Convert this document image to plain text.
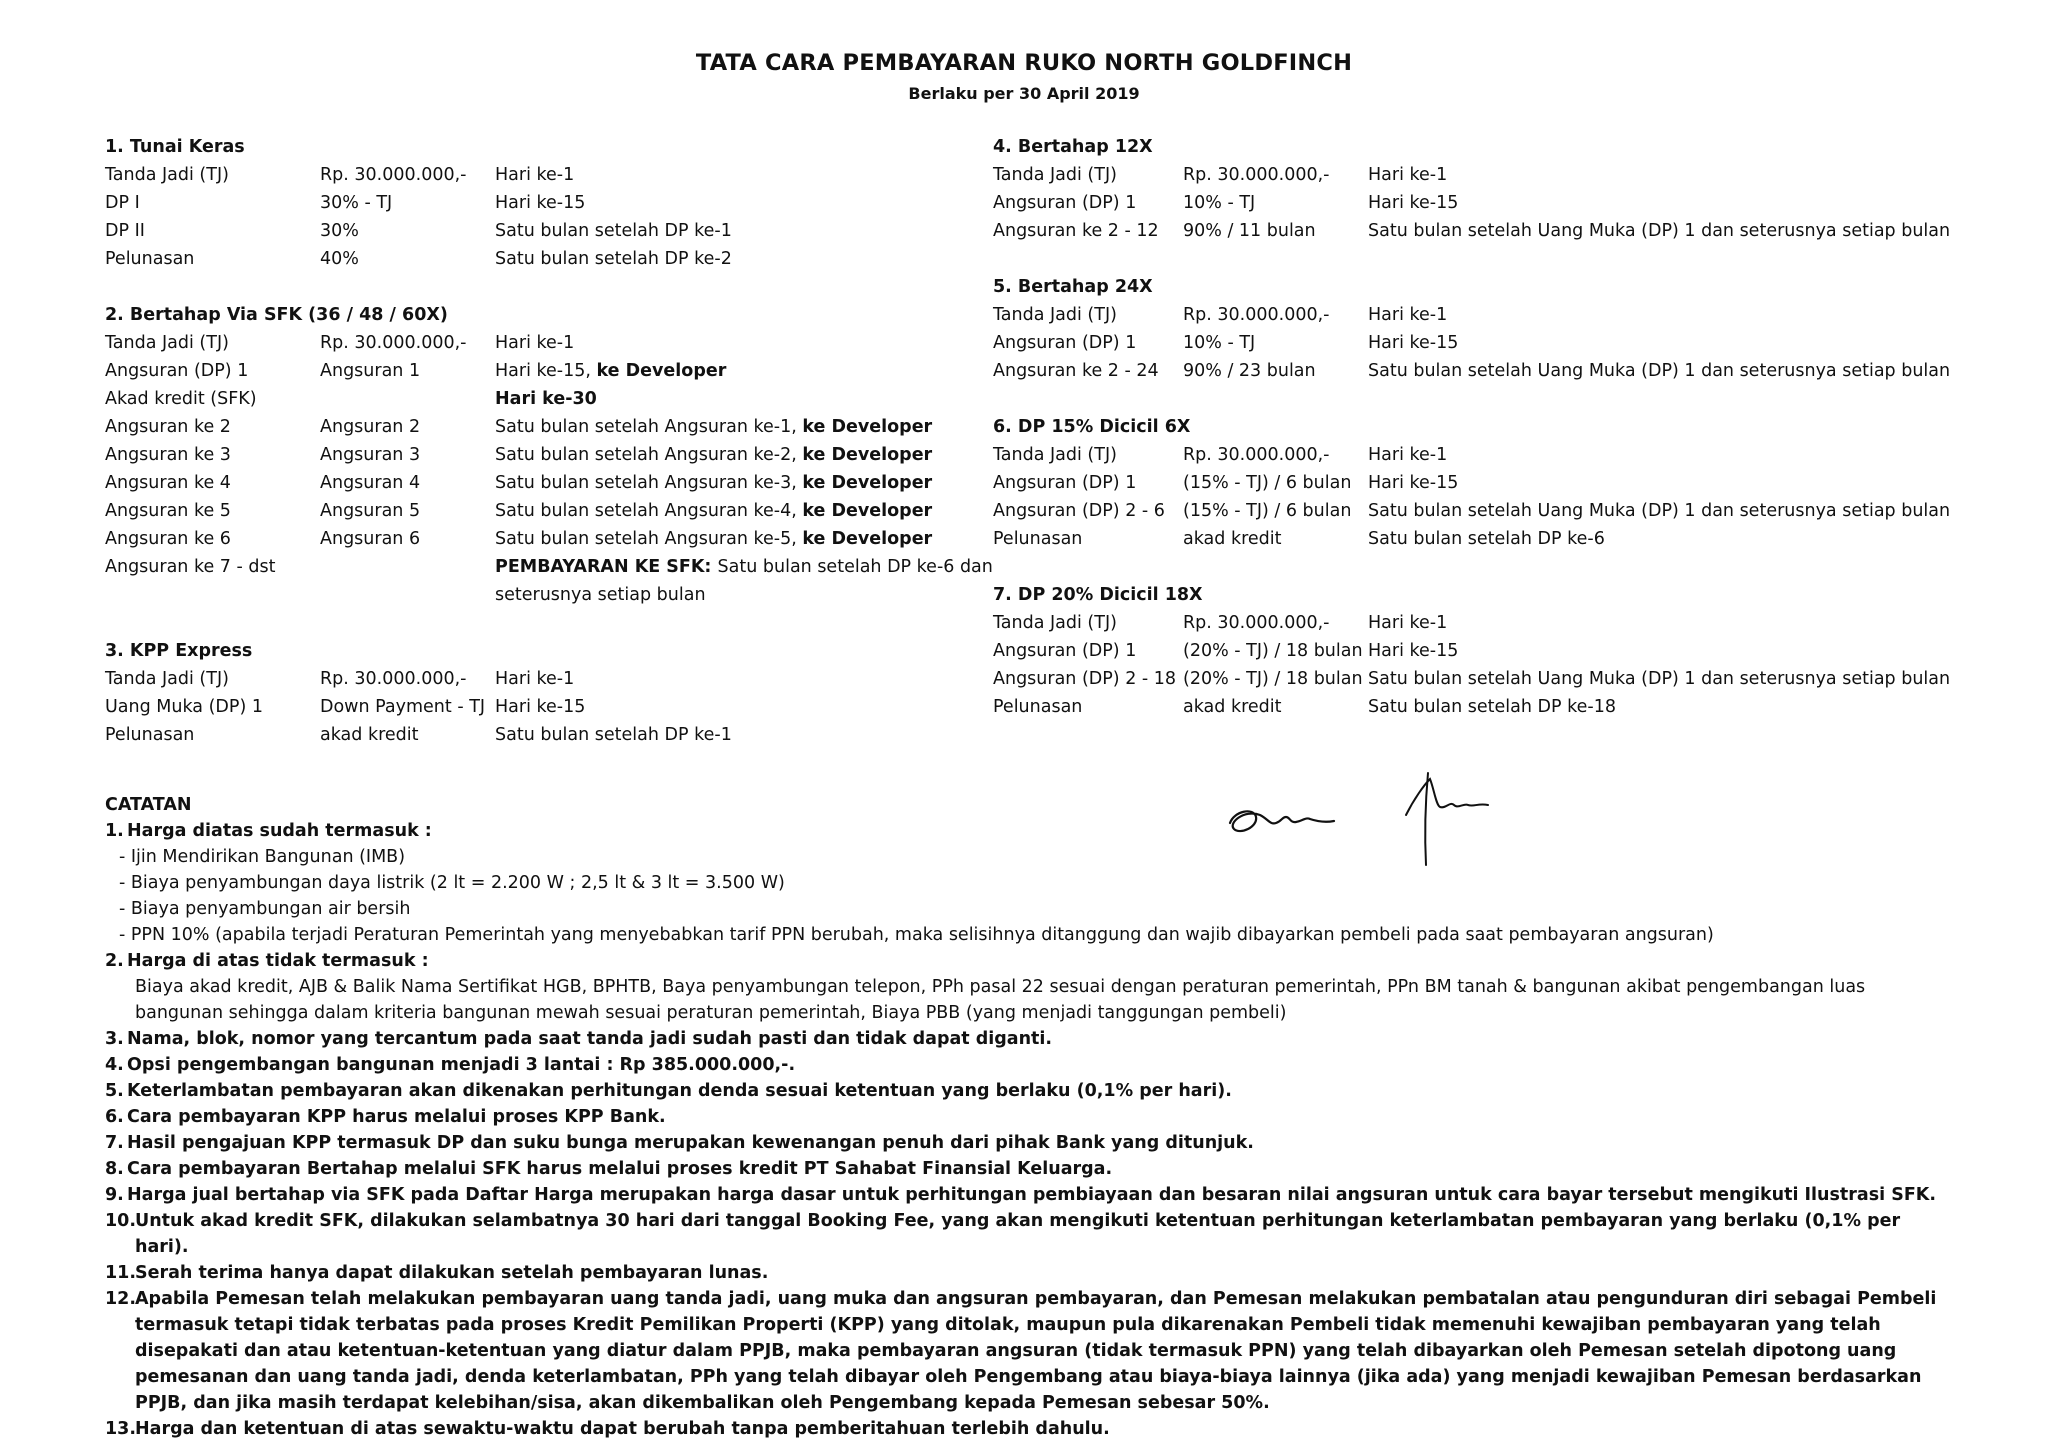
TATA CARA PEMBAYARAN RUKO NORTH GOLDFINCH
Berlaku per 30 April 2019
1. Tunai Keras
Tanda Jadi (TJ)	Rp. 30.000.000,-	Hari ke-1
DP I	30% - TJ	Hari ke-15
DP II	30%	Satu bulan setelah DP ke-1
Pelunasan	40%	Satu bulan setelah DP ke-2
2. Bertahap Via SFK (36 / 48 / 60X)
Tanda Jadi (TJ)	Rp. 30.000.000,-	Hari ke-1
Angsuran (DP) 1	Angsuran 1	Hari ke-15, ke Developer
Akad kredit (SFK)		Hari ke-30
Angsuran ke 2	Angsuran 2	Satu bulan setelah Angsuran ke-1, ke Developer
Angsuran ke 3	Angsuran 3	Satu bulan setelah Angsuran ke-2, ke Developer
Angsuran ke 4	Angsuran 4	Satu bulan setelah Angsuran ke-3, ke Developer
Angsuran ke 5	Angsuran 5	Satu bulan setelah Angsuran ke-4, ke Developer
Angsuran ke 6	Angsuran 6	Satu bulan setelah Angsuran ke-5, ke Developer
Angsuran ke 7 - dst		PEMBAYARAN KE SFK: Satu bulan setelah DP ke-6 dan seterusnya setiap bulan
3. KPP Express
Tanda Jadi (TJ)	Rp. 30.000.000,-	Hari ke-1
Uang Muka (DP) 1	Down Payment - TJ	Hari ke-15
Pelunasan	akad kredit	Satu bulan setelah DP ke-1
4. Bertahap 12X
Tanda Jadi (TJ)	Rp. 30.000.000,-	Hari ke-1
Angsuran (DP) 1	10% - TJ	Hari ke-15
Angsuran ke 2 - 12	90% / 11 bulan	Satu bulan setelah Uang Muka (DP) 1 dan seterusnya setiap bulan
5. Bertahap 24X
Tanda Jadi (TJ)	Rp. 30.000.000,-	Hari ke-1
Angsuran (DP) 1	10% - TJ	Hari ke-15
Angsuran ke 2 - 24	90% / 23 bulan	Satu bulan setelah Uang Muka (DP) 1 dan seterusnya setiap bulan
6. DP 15% Dicicil 6X
Tanda Jadi (TJ)	Rp. 30.000.000,-	Hari ke-1
Angsuran (DP) 1	(15% - TJ) / 6 bulan	Hari ke-15
Angsuran (DP) 2 - 6	(15% - TJ) / 6 bulan	Satu bulan setelah Uang Muka (DP) 1 dan seterusnya setiap bulan
Pelunasan	akad kredit	Satu bulan setelah DP ke-6
7. DP 20% Dicicil 18X
Tanda Jadi (TJ)	Rp. 30.000.000,-	Hari ke-1
Angsuran (DP) 1	(20% - TJ) / 18 bulan	Hari ke-15
Angsuran (DP) 2 - 18	(20% - TJ) / 18 bulan	Satu bulan setelah Uang Muka (DP) 1 dan seterusnya setiap bulan
Pelunasan	akad kredit	Satu bulan setelah DP ke-18
CATATAN
1. Harga diatas sudah termasuk :
- Ijin Mendirikan Bangunan (IMB)
- Biaya penyambungan daya listrik (2 lt = 2.200 W ; 2,5 lt & 3 lt = 3.500 W)
- Biaya penyambungan air bersih
- PPN 10% (apabila terjadi Peraturan Pemerintah yang menyebabkan tarif PPN berubah, maka selisihnya ditanggung dan wajib dibayarkan pembeli pada saat pembayaran angsuran)
2. Harga di atas tidak termasuk :
Biaya akad kredit, AJB & Balik Nama Sertifikat HGB, BPHTB, Baya penyambungan telepon, PPh pasal 22 sesuai dengan peraturan pemerintah, PPn BM tanah & bangunan akibat pengembangan luas bangunan sehingga dalam kriteria bangunan mewah sesuai peraturan pemerintah, Biaya PBB (yang menjadi tanggungan pembeli)
3. Nama, blok, nomor yang tercantum pada saat tanda jadi sudah pasti dan tidak dapat diganti.
4. Opsi pengembangan bangunan menjadi 3 lantai : Rp 385.000.000,-.
5. Keterlambatan pembayaran akan dikenakan perhitungan denda sesuai ketentuan yang berlaku (0,1% per hari).
6. Cara pembayaran KPP harus melalui proses KPP Bank.
7. Hasil pengajuan KPP termasuk DP dan suku bunga merupakan kewenangan penuh dari pihak Bank yang ditunjuk.
8. Cara pembayaran Bertahap melalui SFK harus melalui proses kredit PT Sahabat Finansial Keluarga.
9. Harga jual bertahap via SFK pada Daftar Harga merupakan harga dasar untuk perhitungan pembiayaan dan besaran nilai angsuran untuk cara bayar tersebut mengikuti Ilustrasi SFK.
10.
Untuk akad kredit SFK, dilakukan selambatnya 30 hari dari tanggal Booking Fee, yang akan mengikuti ketentuan perhitungan keterlambatan pembayaran yang berlaku (0,1% per hari).
11.
Serah terima hanya dapat dilakukan setelah pembayaran lunas.
12.
Apabila Pemesan telah melakukan pembayaran uang tanda jadi, uang muka dan angsuran pembayaran, dan Pemesan melakukan pembatalan atau pengunduran diri sebagai Pembeli termasuk tetapi tidak terbatas pada proses Kredit Pemilikan Properti (KPP) yang ditolak, maupun pula dikarenakan Pembeli tidak memenuhi kewajiban pembayaran yang telah disepakati dan atau ketentuan-ketentuan yang diatur dalam PPJB, maka pembayaran angsuran (tidak termasuk PPN) yang telah dibayarkan oleh Pemesan setelah dipotong uang pemesanan dan uang tanda jadi, denda keterlambatan, PPh yang telah dibayar oleh Pengembang atau biaya-biaya lainnya (jika ada) yang menjadi kewajiban Pemesan berdasarkan PPJB, dan jika masih terdapat kelebihan/sisa, akan dikembalikan oleh Pengembang kepada Pemesan sebesar 50%.
13.
Harga dan ketentuan di atas sewaktu-waktu dapat berubah tanpa pemberitahuan terlebih dahulu.
